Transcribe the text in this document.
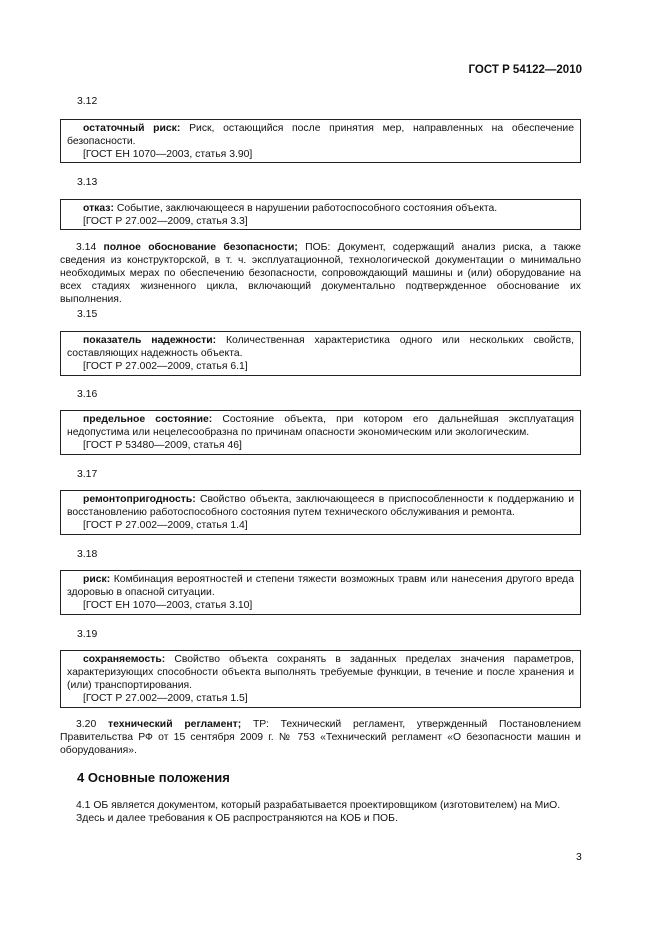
ГОСТ Р 54122—2010
3.12

остаточный риск: Риск, остающийся после принятия мер, направленных на обеспечение безопасности.

[ГОСТ ЕН 1070—2003, статья 3.90]

3.13

отказ: Событие, заключающееся в нарушении работоспособного состояния объекта.

[ГОСТ Р 27.002—2009, статья 3.3]

3.14 полное обоснование безопасности; ПОБ: Документ, содержащий анализ риска, а также сведения из конструкторской, в т. ч. эксплуатационной, технологической документации о минимально необходимых мерах по обеспечению безопасности, сопровождающий машины и (или) оборудование на всех стадиях жизненного цикла, включающий документально подтвержденное обоснование их выполнения.

3.15

показатель надежности: Количественная характеристика одного или нескольких свойств, составляющих надежность объекта.

[ГОСТ Р 27.002—2009, статья 6.1]

3.16

предельное состояние: Состояние объекта, при котором его дальнейшая эксплуатация недопустима или нецелесообразна по причинам опасности экономическим или экологическим.

[ГОСТ Р 53480—2009, статья 46]

3.17

ремонтопригодность: Свойство объекта, заключающееся в приспособленности к поддержанию и восстановлению работоспособного состояния путем технического обслуживания и ремонта.

[ГОСТ Р 27.002—2009, статья 1.4]

3.18

риск: Комбинация вероятностей и степени тяжести возможных травм или нанесения другого вреда здоровью в опасной ситуации.

[ГОСТ ЕН 1070—2003, статья 3.10]

3.19

сохраняемость: Свойство объекта сохранять в заданных пределах значения параметров, характеризующих способности объекта выполнять требуемые функции, в течение и после хранения и (или) транспортирования.

[ГОСТ Р 27.002—2009, статья 1.5]

3.20 технический регламент; ТР: Технический регламент, утвержденный Постановлением Правительства РФ от 15 сентября 2009 г. № 753 «Технический регламент «О безопасности машин и оборудования».

4 Основные положения

4.1 ОБ является документом, который разрабатывается проектировщиком (изготовителем) на МиО.

Здесь и далее требования к ОБ распространяются на КОБ и ПОБ.

3
